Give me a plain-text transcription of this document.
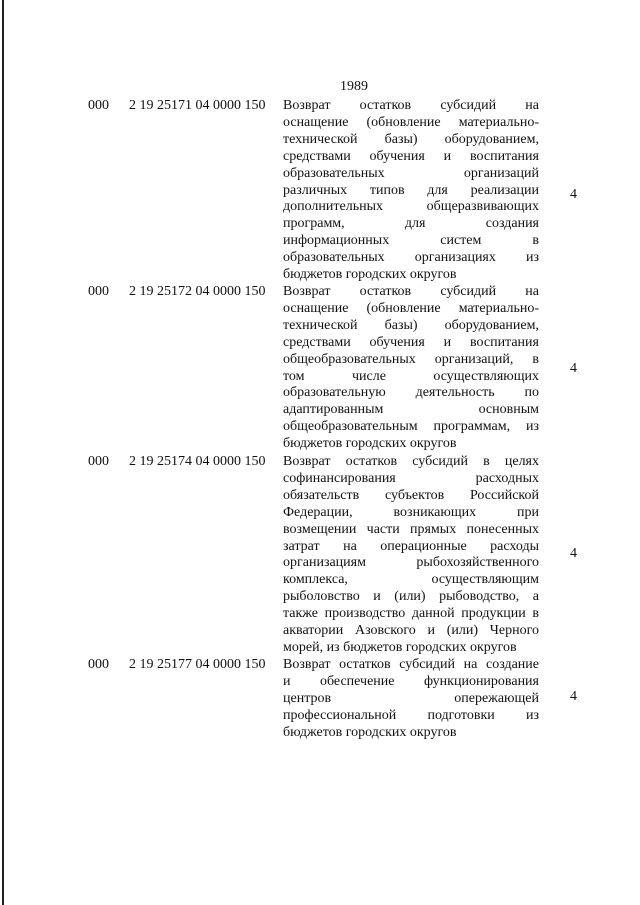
1989
000 2 19 25171 04 0000 150 Возврат остатков субсидий на
оснащение (обновление материально-
технической базы) оборудованием,
средствами обучения и воспитания
образовательных организаций
различных типов для реализации
дополнительных общеразвивающих
программ, для создания
информационных систем в
образовательных организациях из
бюджетов городских округов
4
000 2 19 25172 04 0000 150 Возврат остатков субсидий на
оснащение (обновление материально-
технической базы) оборудованием,
средствами обучения и воспитания
общеобразовательных организаций, в
том числе осуществляющих
образовательную деятельность по
адаптированным основным
общеобразовательным программам, из
бюджетов городских округов
4
000 2 19 25174 04 0000 150 Возврат остатков субсидий в целях
софинансирования расходных
обязательств субъектов Российской
Федерации, возникающих при
возмещении части прямых понесенных
затрат на операционные расходы
организациям рыбохозяйственного
комплекса, осуществляющим
рыболовство и (или) рыбоводство, а
также производство данной продукции в
акватории Азовского и (или) Черного
морей, из бюджетов городских округов
4
000 2 19 25177 04 0000 150 Возврат остатков субсидий на создание
и обеспечение функционирования
центров опережающей
профессиональной подготовки из
бюджетов городских округов
4
